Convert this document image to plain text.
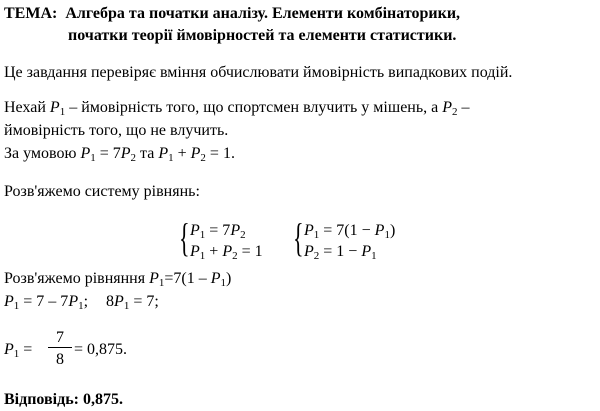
ТЕМА: Алгебра та початки аналізу. Елементи комбінаторики,
початки теорії ймовірностей та елементи статистики.
Це завдання перевіряє вміння обчислювати ймовірність випадкових подій.
Нехай $P_1$ – ймовірність того, що спортсмен влучить у мішень, а $P_2$ –
ймовірність того, що не влучить.
За умовою $P_1 = 7P_2$ та $P_1 + P_2 = 1$.
Розв'яжемо систему рівнянь:
{ $P_1 = 7P_2$
$P_1 + P_2 = 1$ { $P_1 = 7(1 - P_1)$
$P_2 = 1 - P_1$
Розв'яжемо рівняння $P_1=7(1 - P_1)$
$P_1 = 7 - 7P_1$; $8P_1 = 7$;
$P_1$ =
7
8
= 0,875.
Відповідь: 0,875.
